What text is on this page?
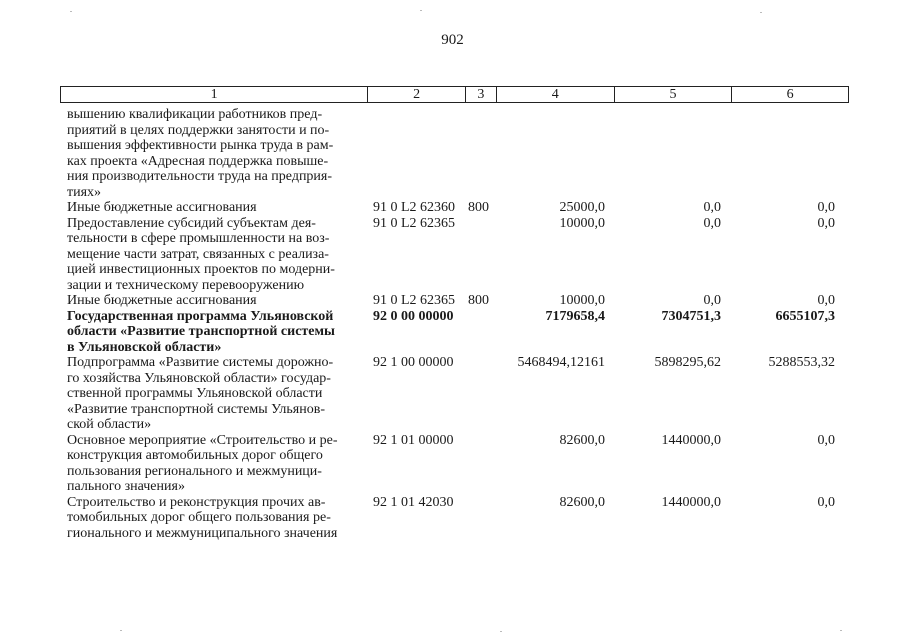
902
1	2	3	4	5	6
вышению квалификации работников пред-
приятий в целях поддержки занятости и по-
вышения эффективности рынка труда в рам-
ках проекта «Адресная поддержка повыше-
ния производительности труда на предприя-
тиях»
Иные бюджетные ассигнования	91 0 L2 62360 800	25000,0	0,0	0,0
Предоставление субсидий субъектам дея-
тельности в сфере промышленности на воз-
мещение части затрат, связанных с реализа-
цией инвестиционных проектов по модерни-
зации и техническому перевооружению
91 0 L2 62365	10000,0	0,0	0,0
Иные бюджетные ассигнования	91 0 L2 62365 800	10000,0	0,0	0,0
Государственная программа Ульяновской
области «Развитие транспортной системы
в Ульяновской области»
92 0 00 00000	7179658,4	7304751,3	6655107,3
Подпрограмма «Развитие системы дорожно-
го хозяйства Ульяновской области» государ-
ственной программы Ульяновской области
«Развитие транспортной системы Ульянов-
ской области»
92 1 00 00000	5468494,12161	5898295,62	5288553,32
Основное мероприятие «Строительство и ре-
конструкция автомобильных дорог общего
пользования регионального и межмуници-
пального значения»
92 1 01 00000	82600,0	1440000,0	0,0
Строительство и реконструкция прочих ав-
томобильных дорог общего пользования ре-
гионального и межмуниципального значения
92 1 01 42030	82600,0	1440000,0	0,0
